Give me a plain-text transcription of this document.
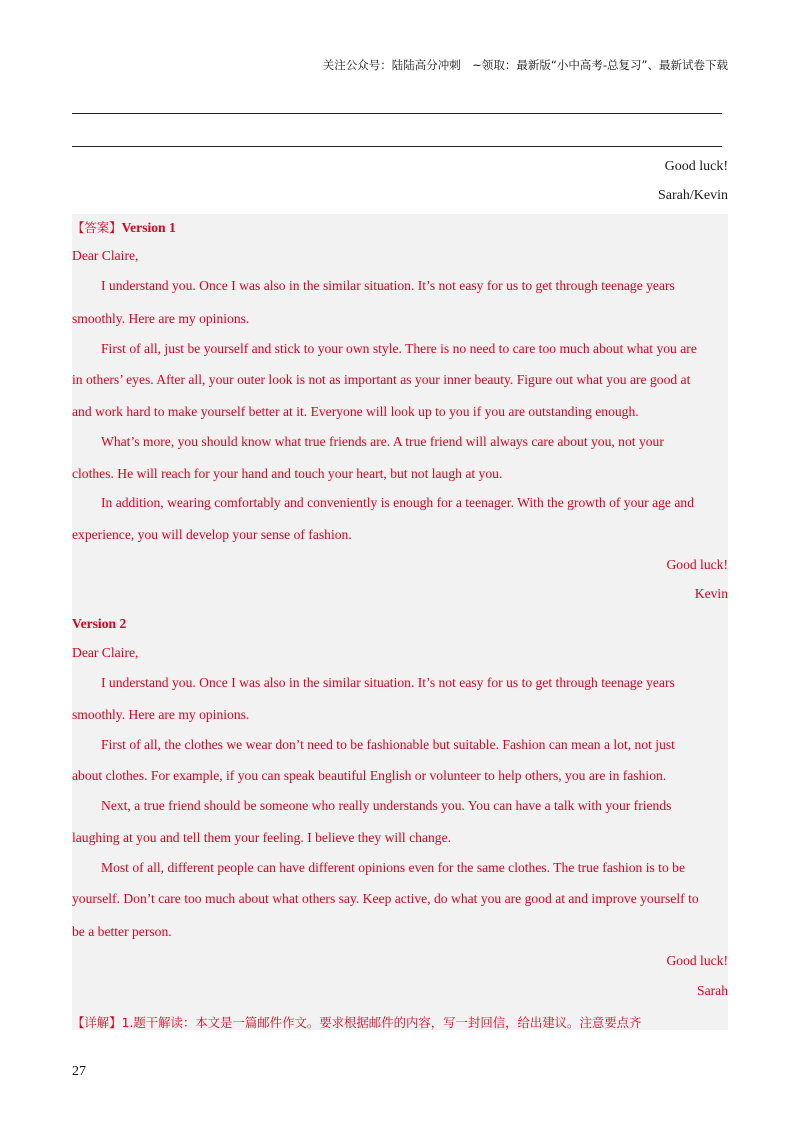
关注公众号：陆陆高分冲刺　~领取：最新版“小中高考-总复习”、最新试卷下载
Good luck!
Sarah/Kevin
【答案】Version 1
Dear Claire,
I understand you. Once I was also in the similar situation. It’s not easy for us to get through teenage years
smoothly. Here are my opinions.
First of all, just be yourself and stick to your own style. There is no need to care too much about what you are
in others’ eyes. After all, your outer look is not as important as your inner beauty. Figure out what you are good at
and work hard to make yourself better at it. Everyone will look up to you if you are outstanding enough.
What’s more, you should know what true friends are. A true friend will always care about you, not your
clothes. He will reach for your hand and touch your heart, but not laugh at you.
In addition, wearing comfortably and conveniently is enough for a teenager. With the growth of your age and
experience, you will develop your sense of fashion.
Good luck!
Kevin
Version 2
Dear Claire,
I understand you. Once I was also in the similar situation. It’s not easy for us to get through teenage years
smoothly. Here are my opinions.
First of all, the clothes we wear don’t need to be fashionable but suitable. Fashion can mean a lot, not just
about clothes. For example, if you can speak beautiful English or volunteer to help others, you are in fashion.
Next, a true friend should be someone who really understands you. You can have a talk with your friends
laughing at you and tell them your feeling. I believe they will change.
Most of all, different people can have different opinions even for the same clothes. The true fashion is to be
yourself. Don’t care too much about what others say. Keep active, do what you are good at and improve yourself to
be a better person.
Good luck!
Sarah
【详解】1.题干解读：本文是一篇邮件作文。要求根据邮件的内容，写一封回信，给出建议。注意要点齐
27
